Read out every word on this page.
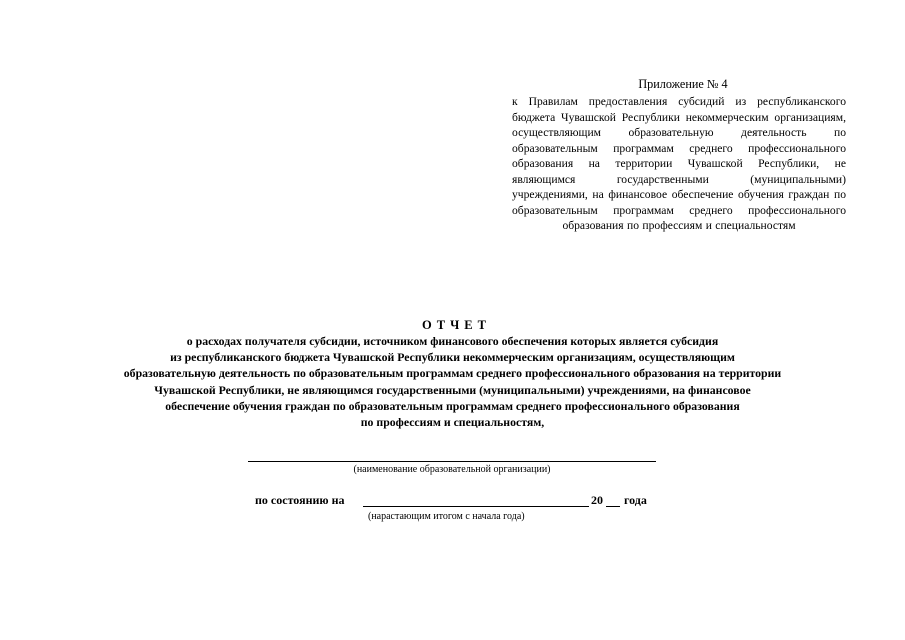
Приложение № 4

к Правилам предоставления субсидий из республиканского бюджета Чувашской Республики некоммерческим организациям, осуществляющим образовательную деятельность по образовательным программам среднего профессионального образования на территории Чувашской Республики, не являющимся государственными (муниципальными) учреждениями, на финансовое обеспечение обучения граждан по образовательным программам среднего профессионального образования по профессиям и специальностям

ОТЧЕТ

о расходах получателя субсидии, источником финансового обеспечения которых является субсидия

из республиканского бюджета Чувашской Республики некоммерческим организациям, осуществляющим

образовательную деятельность по образовательным программам среднего профессионального образования на территории

Чувашской Республики, не являющимся государственными (муниципальными) учреждениями, на финансовое

обеспечение обучения граждан по образовательным программам среднего профессионального образования

по профессиям и специальностям,

(наименование образовательной организации)
по состоянию на	20 года
(нарастающим итогом с начала года)
